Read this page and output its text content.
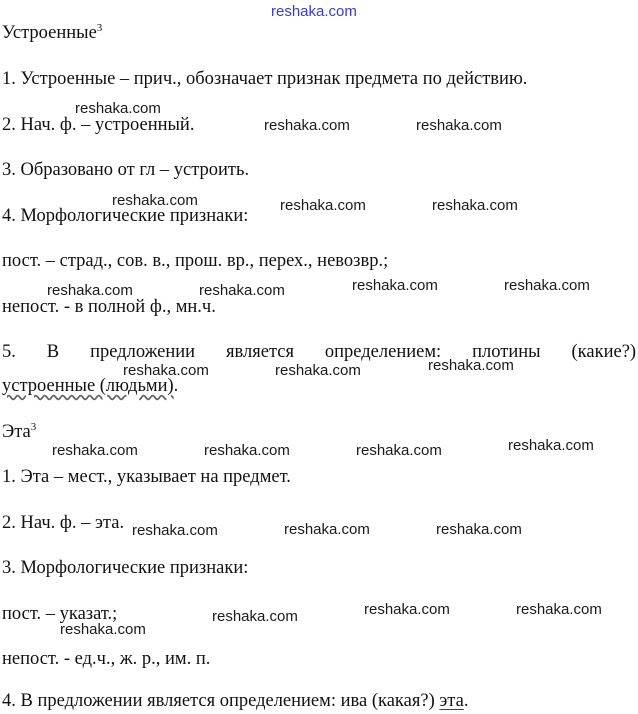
reshaka.com
Устроенные$^3$
1. Устроенные – прич., обозначает признак предмета по действию.
2. Нач. ф. – устроенный.
3. Образовано от гл – устроить.
4. Морфологические признаки:
пост. – страд., сов. в., прош. вр., перех., невозвр.;
непост. - в полной ф., мн.ч.
5. В предложении является определением: плотины (какие?)
устроенные (людьми).
Эта$^3$
1. Эта – мест., указывает на предмет.
2. Нач. ф. – эта.
3. Морфологические признаки:
пост. – указат.;
непост. - ед.ч., ж. р., им. п.
4. В предложении является определением: ива (какая?) эта.
reshaka.com
reshaka.com	reshaka.com
reshaka.com	reshaka.com	reshaka.com
reshaka.com	reshaka.com	reshaka.com	reshaka.com
reshaka.com	reshaka.com	reshaka.com
reshaka.com	reshaka.com	reshaka.com	reshaka.com
reshaka.com	reshaka.com	reshaka.com
reshaka.com
reshaka.com	reshaka.com	reshaka.com
